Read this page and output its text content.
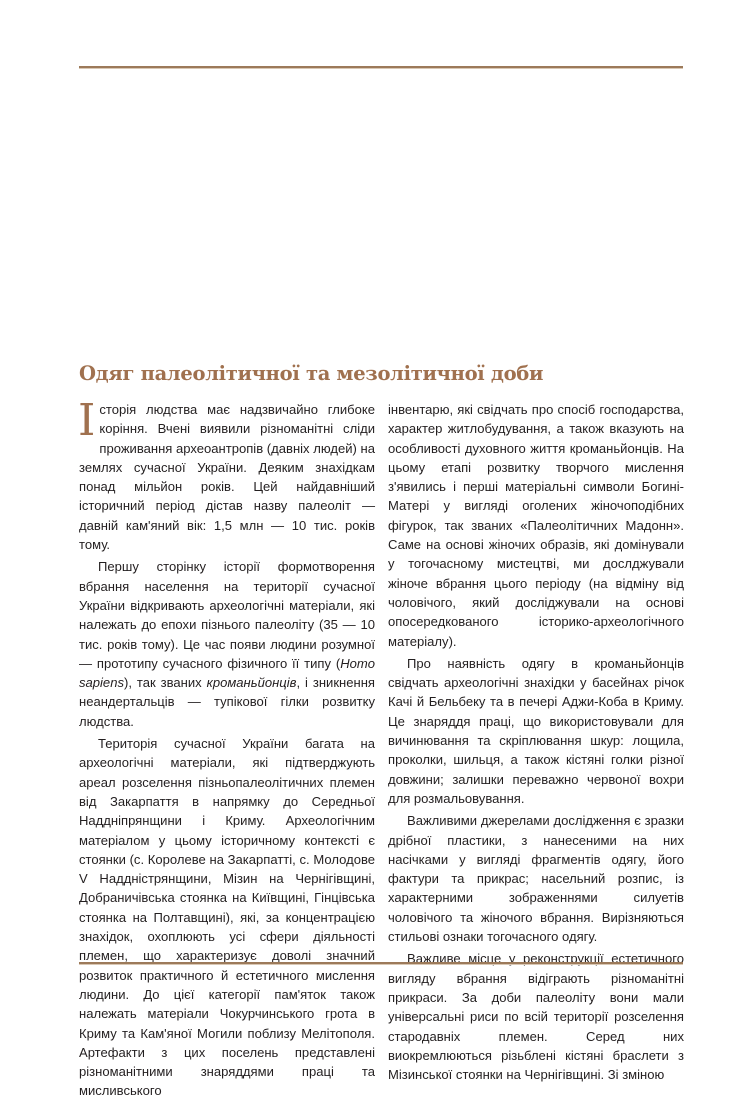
Одяг палеолітичної та мезолітичної доби

Історія людства має надзвичайно глибоке коріння. Вчені виявили різноманітні сліди проживання археоантропів (давніх людей) на землях сучасної України. Деяким знахідкам понад мільйон років. Цей найдавніший історичний період дістав назву палеоліт — давній кам'яний вік: 1,5 млн — 10 тис. років тому.

Першу сторінку історії формотворення вбрання населення на території сучасної України відкривають археологічні матеріали, які належать до епохи пізнього палеоліту (35 — 10 тис. років тому). Це час появи людини розумної — прототипу сучасного фізичного її типу (Homo sapiens), так званих кроманьйонців, і зникнення неандертальців — тупікової гілки розвитку людства.

Територія сучасної України багата на археологічні матеріали, які підтверджують ареал розселення пізньопалеолітичних племен від Закарпаття в напрямку до Середньої Наддніпрянщини і Криму. Археологічним матеріалом у цьому історичному контексті є стоянки (с. Королеве на Закарпатті, с. Молодове V Наддністрянщини, Мізин на Чернігівщині, Добраничівська стоянка на Київщині, Гінцівська стоянка на Полтавщині), які, за концентрацією знахідок, охоплюють усі сфери діяльності племен, що характеризує доволі значний розвиток практичного й естетичного мислення людини. До цієї категорії пам'яток також належать матеріали Чокурчинського грота в Криму та Кам'яної Могили поблизу Мелітополя. Артефакти з цих поселень представлені різноманітними знаряддями праці та мисливського

інвентарю, які свідчать про спосіб господарства, характер житлобудування, а також вказують на особливості духовного життя кроманьйонців. На цьому етапі розвитку творчого мислення з'явились і перші матеріальні символи Богині-Матері у вигляді оголених жіночоподібних фігурок, так званих «Палеолітичних Мадонн». Саме на основі жіночих образів, які домінували у тогочасному мистецтві, ми дослджували жіноче вбрання цього періоду (на відміну від чоловічого, який досліджували на основі опосередкованого історико-археологічного матеріалу).

Про наявність одягу в кроманьйонців свідчать археологічні знахідки у басейнах річок Качі й Бельбеку та в печері Аджи-Коба в Криму. Це знаряддя праці, що використовували для вичинювання та скріплювання шкур: лощила, проколки, шильця, а також кістяні голки різної довжини; залишки переважно червоної вохри для розмальовування.

Важливими джерелами дослідження є зразки дрібної пластики, з нанесеними на них насічками у вигляді фрагментів одягу, його фактури та прикрас; насельний розпис, із характерними зображеннями силуетів чоловічого та жіночого вбрання. Вирізняються стильові ознаки тогочасного одягу.

Важливе місце у реконструкції естетичного вигляду вбрання відіграють різноманітні прикраси. За доби палеоліту вони мали універсальні риси по всій території розселення стародавніх племен. Серед них виокремлюються різьблені кістяні браслети з Мізинської стоянки на Чернігівщині. Зі зміною
